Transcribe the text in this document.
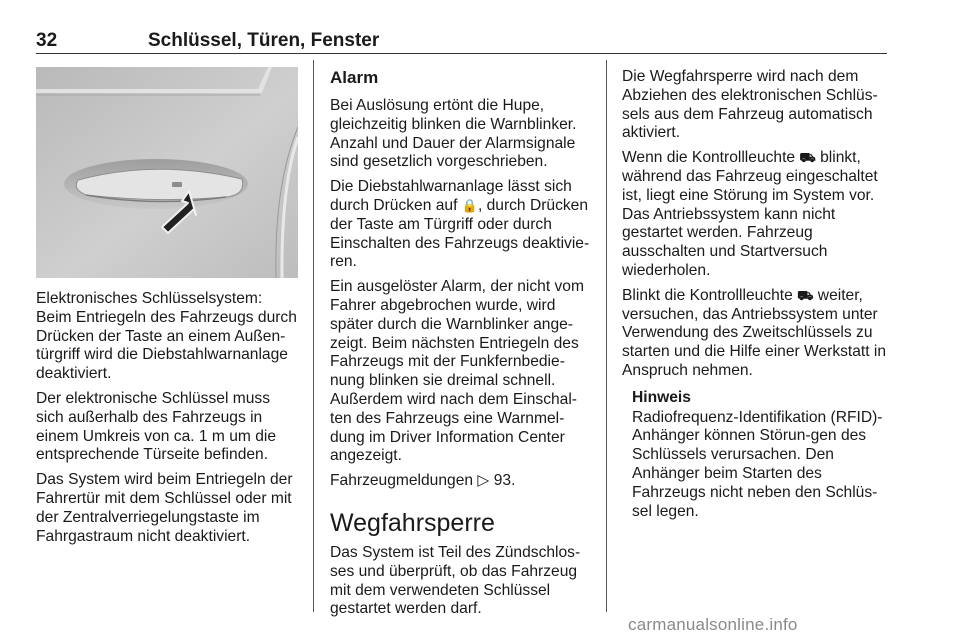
32	Schlüssel, Türen, Fenster

Elektronisches Schlüsselsystem: Beim Entriegeln des Fahrzeugs durch Drücken der Taste an einem Außen-türgriff wird die Diebstahlwarnanlage deaktiviert.

Der elektronische Schlüssel muss sich außerhalb des Fahrzeugs in einem Umkreis von ca. 1 m um die entsprechende Türseite befinden.

Das System wird beim Entriegeln der Fahrertür mit dem Schlüssel oder mit der Zentralverriegelungstaste im Fahrgastraum nicht deaktiviert.

Alarm

Bei Auslösung ertönt die Hupe, gleichzeitig blinken die Warnblinker. Anzahl und Dauer der Alarmsignale sind gesetzlich vorgeschrieben.

Die Diebstahlwarnanlage lässt sich durch Drücken auf 🔒, durch Drücken der Taste am Türgriff oder durch Einschalten des Fahrzeugs deaktivie-ren.

Ein ausgelöster Alarm, der nicht vom Fahrer abgebrochen wurde, wird später durch die Warnblinker ange-zeigt. Beim nächsten Entriegeln des Fahrzeugs mit der Funkfernbedie-nung blinken sie dreimal schnell. Außerdem wird nach dem Einschal-ten des Fahrzeugs eine Warnmel-dung im Driver Information Center angezeigt.

Fahrzeugmeldungen ▷ 93.

Wegfahrsperre

Das System ist Teil des Zündschlos-ses und überprüft, ob das Fahrzeug mit dem verwendeten Schlüssel gestartet werden darf.

Die Wegfahrsperre wird nach dem Abziehen des elektronischen Schlüs-sels aus dem Fahrzeug automatisch aktiviert.

Wenn die Kontrollleuchte ⛟ blinkt, während das Fahrzeug eingeschaltet ist, liegt eine Störung im System vor. Das Antriebssystem kann nicht gestartet werden. Fahrzeug ausschalten und Startversuch wiederholen.

Blinkt die Kontrollleuchte ⛟ weiter, versuchen, das Antriebssystem unter Verwendung des Zweitschlüssels zu starten und die Hilfe einer Werkstatt in Anspruch nehmen.

Hinweis
Radiofrequenz-Identifikation (RFID)-Anhänger können Störun-gen des Schlüssels verursachen. Den Anhänger beim Starten des Fahrzeugs nicht neben den Schlüs-sel legen.
carmanualsonline.info
